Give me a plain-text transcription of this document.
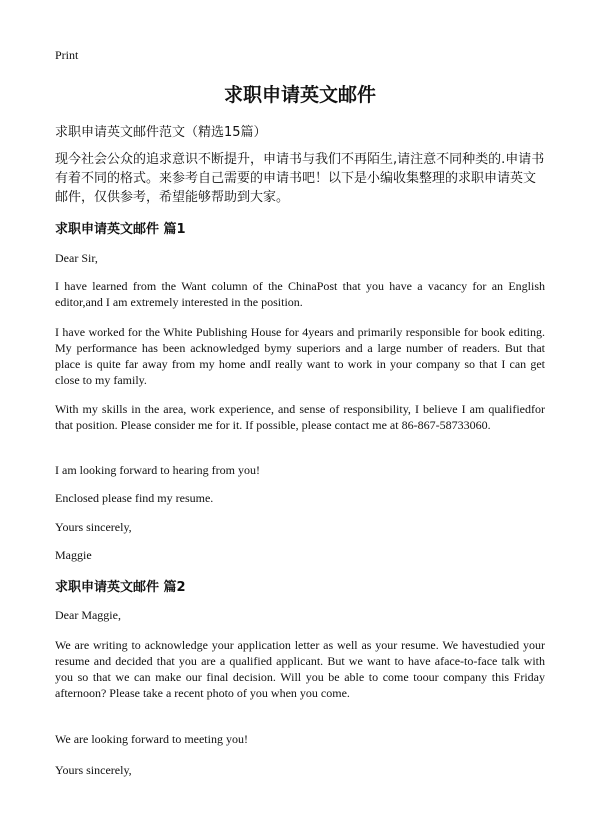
Print
求职申请英文邮件
求职申请英文邮件范文（精选15篇）
现今社会公众的追求意识不断提升，申请书与我们不再陌生,请注意不同种类的.申请书有着不同的格式。来参考自己需要的申请书吧！以下是小编收集整理的求职申请英文邮件，仅供参考，希望能够帮助到大家。
求职申请英文邮件 篇1
Dear Sir,
I have learned from the Want column of the ChinaPost that you have a vacancy for an English editor,and I am extremely interested in the position.
I have worked for the White Publishing House for 4years and primarily responsible for book editing. My performance has been acknowledged bymy superiors and a large number of readers. But that place is quite far away from my home andI really want to work in your company so that I can get close to my family.
With my skills in the area, work experience, and sense of responsibility, I believe I am qualifiedfor that position. Please consider me for it. If possible, please contact me at 86-867-58733060.
I am looking forward to hearing from you!
Enclosed please find my resume.
Yours sincerely,
Maggie
求职申请英文邮件 篇2
Dear Maggie,
We are writing to acknowledge your application letter as well as your resume. We havestudied your resume and decided that you are a qualified applicant. But we want to have aface-to-face talk with you so that we can make our final decision. Will you be able to come toour company this Friday afternoon? Please take a recent photo of you when you come.
We are looking forward to meeting you!
Yours sincerely,
